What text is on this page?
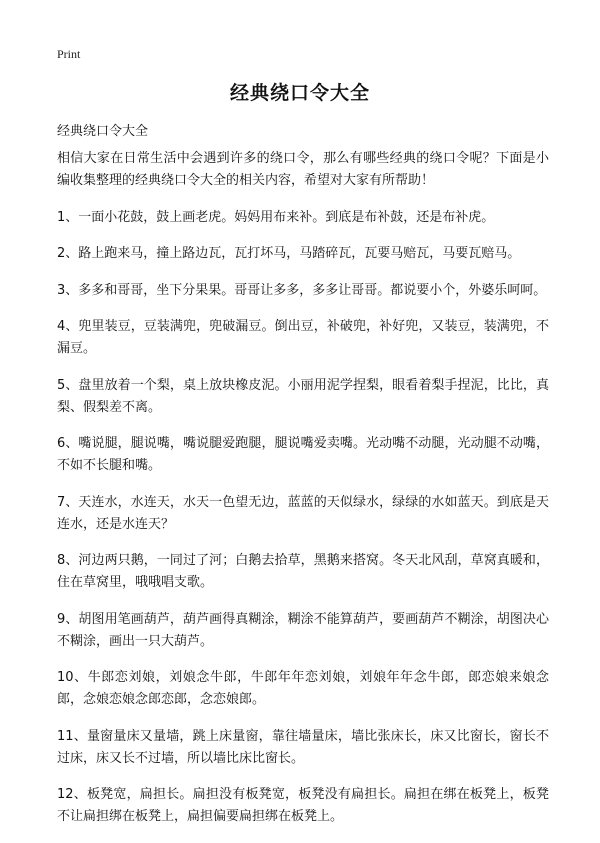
Print
经典绕口令大全
经典绕口令大全

相信大家在日常生活中会遇到许多的绕口令，那么有哪些经典的绕口令呢？下面是小编收集整理的经典绕口令大全的相关内容，希望对大家有所帮助！

1、一面小花鼓，鼓上画老虎。妈妈用布来补。到底是布补鼓，还是布补虎。

2、路上跑来马，撞上路边瓦，瓦打坏马，马踏碎瓦，瓦要马赔瓦，马要瓦赔马。

3、多多和哥哥，坐下分果果。哥哥让多多，多多让哥哥。都说要小个，外婆乐呵呵。

4、兜里装豆，豆装满兜，兜破漏豆。倒出豆，补破兜，补好兜，又装豆，装满兜，不漏豆。

5、盘里放着一个梨，桌上放块橡皮泥。小丽用泥学捏梨，眼看着梨手捏泥，比比，真梨、假梨差不离。

6、嘴说腿，腿说嘴，嘴说腿爱跑腿，腿说嘴爱卖嘴。光动嘴不动腿，光动腿不动嘴，不如不长腿和嘴。

7、天连水，水连天，水天一色望无边，蓝蓝的天似绿水，绿绿的水如蓝天。到底是天连水，还是水连天？

8、河边两只鹅，一同过了河；白鹅去拾草，黑鹅来搭窝。冬天北风刮，草窝真暖和，住在草窝里，哦哦唱支歌。

9、胡图用笔画葫芦，葫芦画得真糊涂，糊涂不能算葫芦，要画葫芦不糊涂，胡图决心不糊涂，画出一只大葫芦。

10、牛郎恋刘娘，刘娘念牛郎，牛郎年年恋刘娘，刘娘年年念牛郎，郎恋娘来娘念郎，念娘恋娘念郎恋郎，念恋娘郎。

11、量窗量床又量墙，跳上床量窗，靠往墙量床，墙比张床长，床又比窗长，窗长不过床，床又长不过墙，所以墙比床比窗长。

12、板凳宽，扁担长。扁担没有板凳宽，板凳没有扁担长。扁担在绑在板凳上，板凳不让扁担绑在板凳上，扁担偏要扁担绑在板凳上。
